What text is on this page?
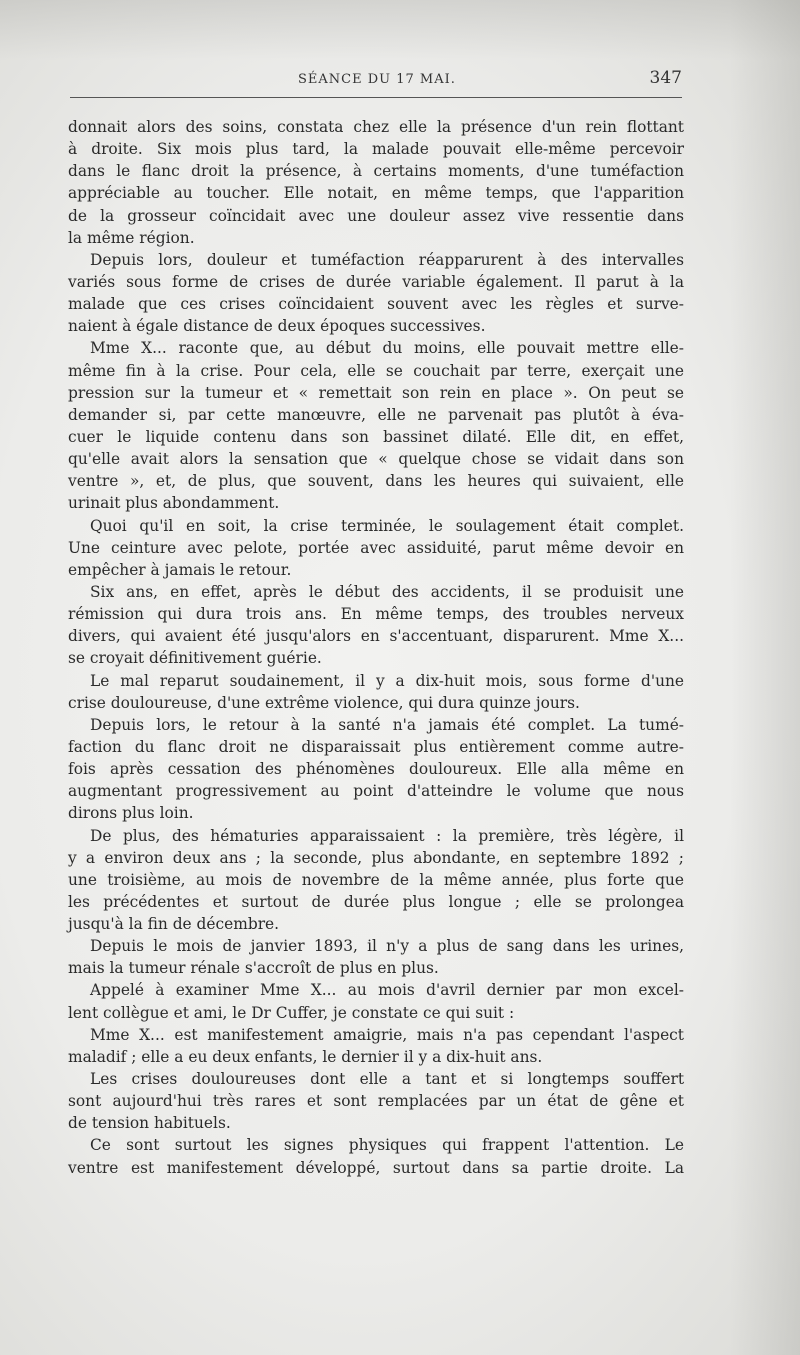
SÉANCE DU 17 MAI.	347

donnait alors des soins, constata chez elle la présence d'un rein flottant
à droite. Six mois plus tard, la malade pouvait elle-même percevoir
dans le flanc droit la présence, à certains moments, d'une tuméfaction
appréciable au toucher. Elle notait, en même temps, que l'apparition
de la grosseur coïncidait avec une douleur assez vive ressentie dans
la même région.

Depuis lors, douleur et tuméfaction réapparurent à des intervalles
variés sous forme de crises de durée variable également. Il parut à la
malade que ces crises coïncidaient souvent avec les règles et surve-
naient à égale distance de deux époques successives.

Mme X... raconte que, au début du moins, elle pouvait mettre elle-
même fin à la crise. Pour cela, elle se couchait par terre, exerçait une
pression sur la tumeur et « remettait son rein en place ». On peut se
demander si, par cette manœuvre, elle ne parvenait pas plutôt à éva-
cuer le liquide contenu dans son bassinet dilaté. Elle dit, en effet,
qu'elle avait alors la sensation que « quelque chose se vidait dans son
ventre », et, de plus, que souvent, dans les heures qui suivaient, elle
urinait plus abondamment.

Quoi qu'il en soit, la crise terminée, le soulagement était complet.
Une ceinture avec pelote, portée avec assiduité, parut même devoir en
empêcher à jamais le retour.

Six ans, en effet, après le début des accidents, il se produisit une
rémission qui dura trois ans. En même temps, des troubles nerveux
divers, qui avaient été jusqu'alors en s'accentuant, disparurent. Mme X...
se croyait définitivement guérie.

Le mal reparut soudainement, il y a dix-huit mois, sous forme d'une
crise douloureuse, d'une extrême violence, qui dura quinze jours.

Depuis lors, le retour à la santé n'a jamais été complet. La tumé-
faction du flanc droit ne disparaissait plus entièrement comme autre-
fois après cessation des phénomènes douloureux. Elle alla même en
augmentant progressivement au point d'atteindre le volume que nous
dirons plus loin.

De plus, des hématuries apparaissaient : la première, très légère, il
y a environ deux ans ; la seconde, plus abondante, en septembre 1892 ;
une troisième, au mois de novembre de la même année, plus forte que
les précédentes et surtout de durée plus longue ; elle se prolongea
jusqu'à la fin de décembre.

Depuis le mois de janvier 1893, il n'y a plus de sang dans les urines,
mais la tumeur rénale s'accroît de plus en plus.

Appelé à examiner Mme X... au mois d'avril dernier par mon excel-
lent collègue et ami, le Dr Cuffer, je constate ce qui suit :

Mme X... est manifestement amaigrie, mais n'a pas cependant l'aspect
maladif ; elle a eu deux enfants, le dernier il y a dix-huit ans.

Les crises douloureuses dont elle a tant et si longtemps souffert
sont aujourd'hui très rares et sont remplacées par un état de gêne et
de tension habituels.

Ce sont surtout les signes physiques qui frappent l'attention. Le
ventre est manifestement développé, surtout dans sa partie droite. La
